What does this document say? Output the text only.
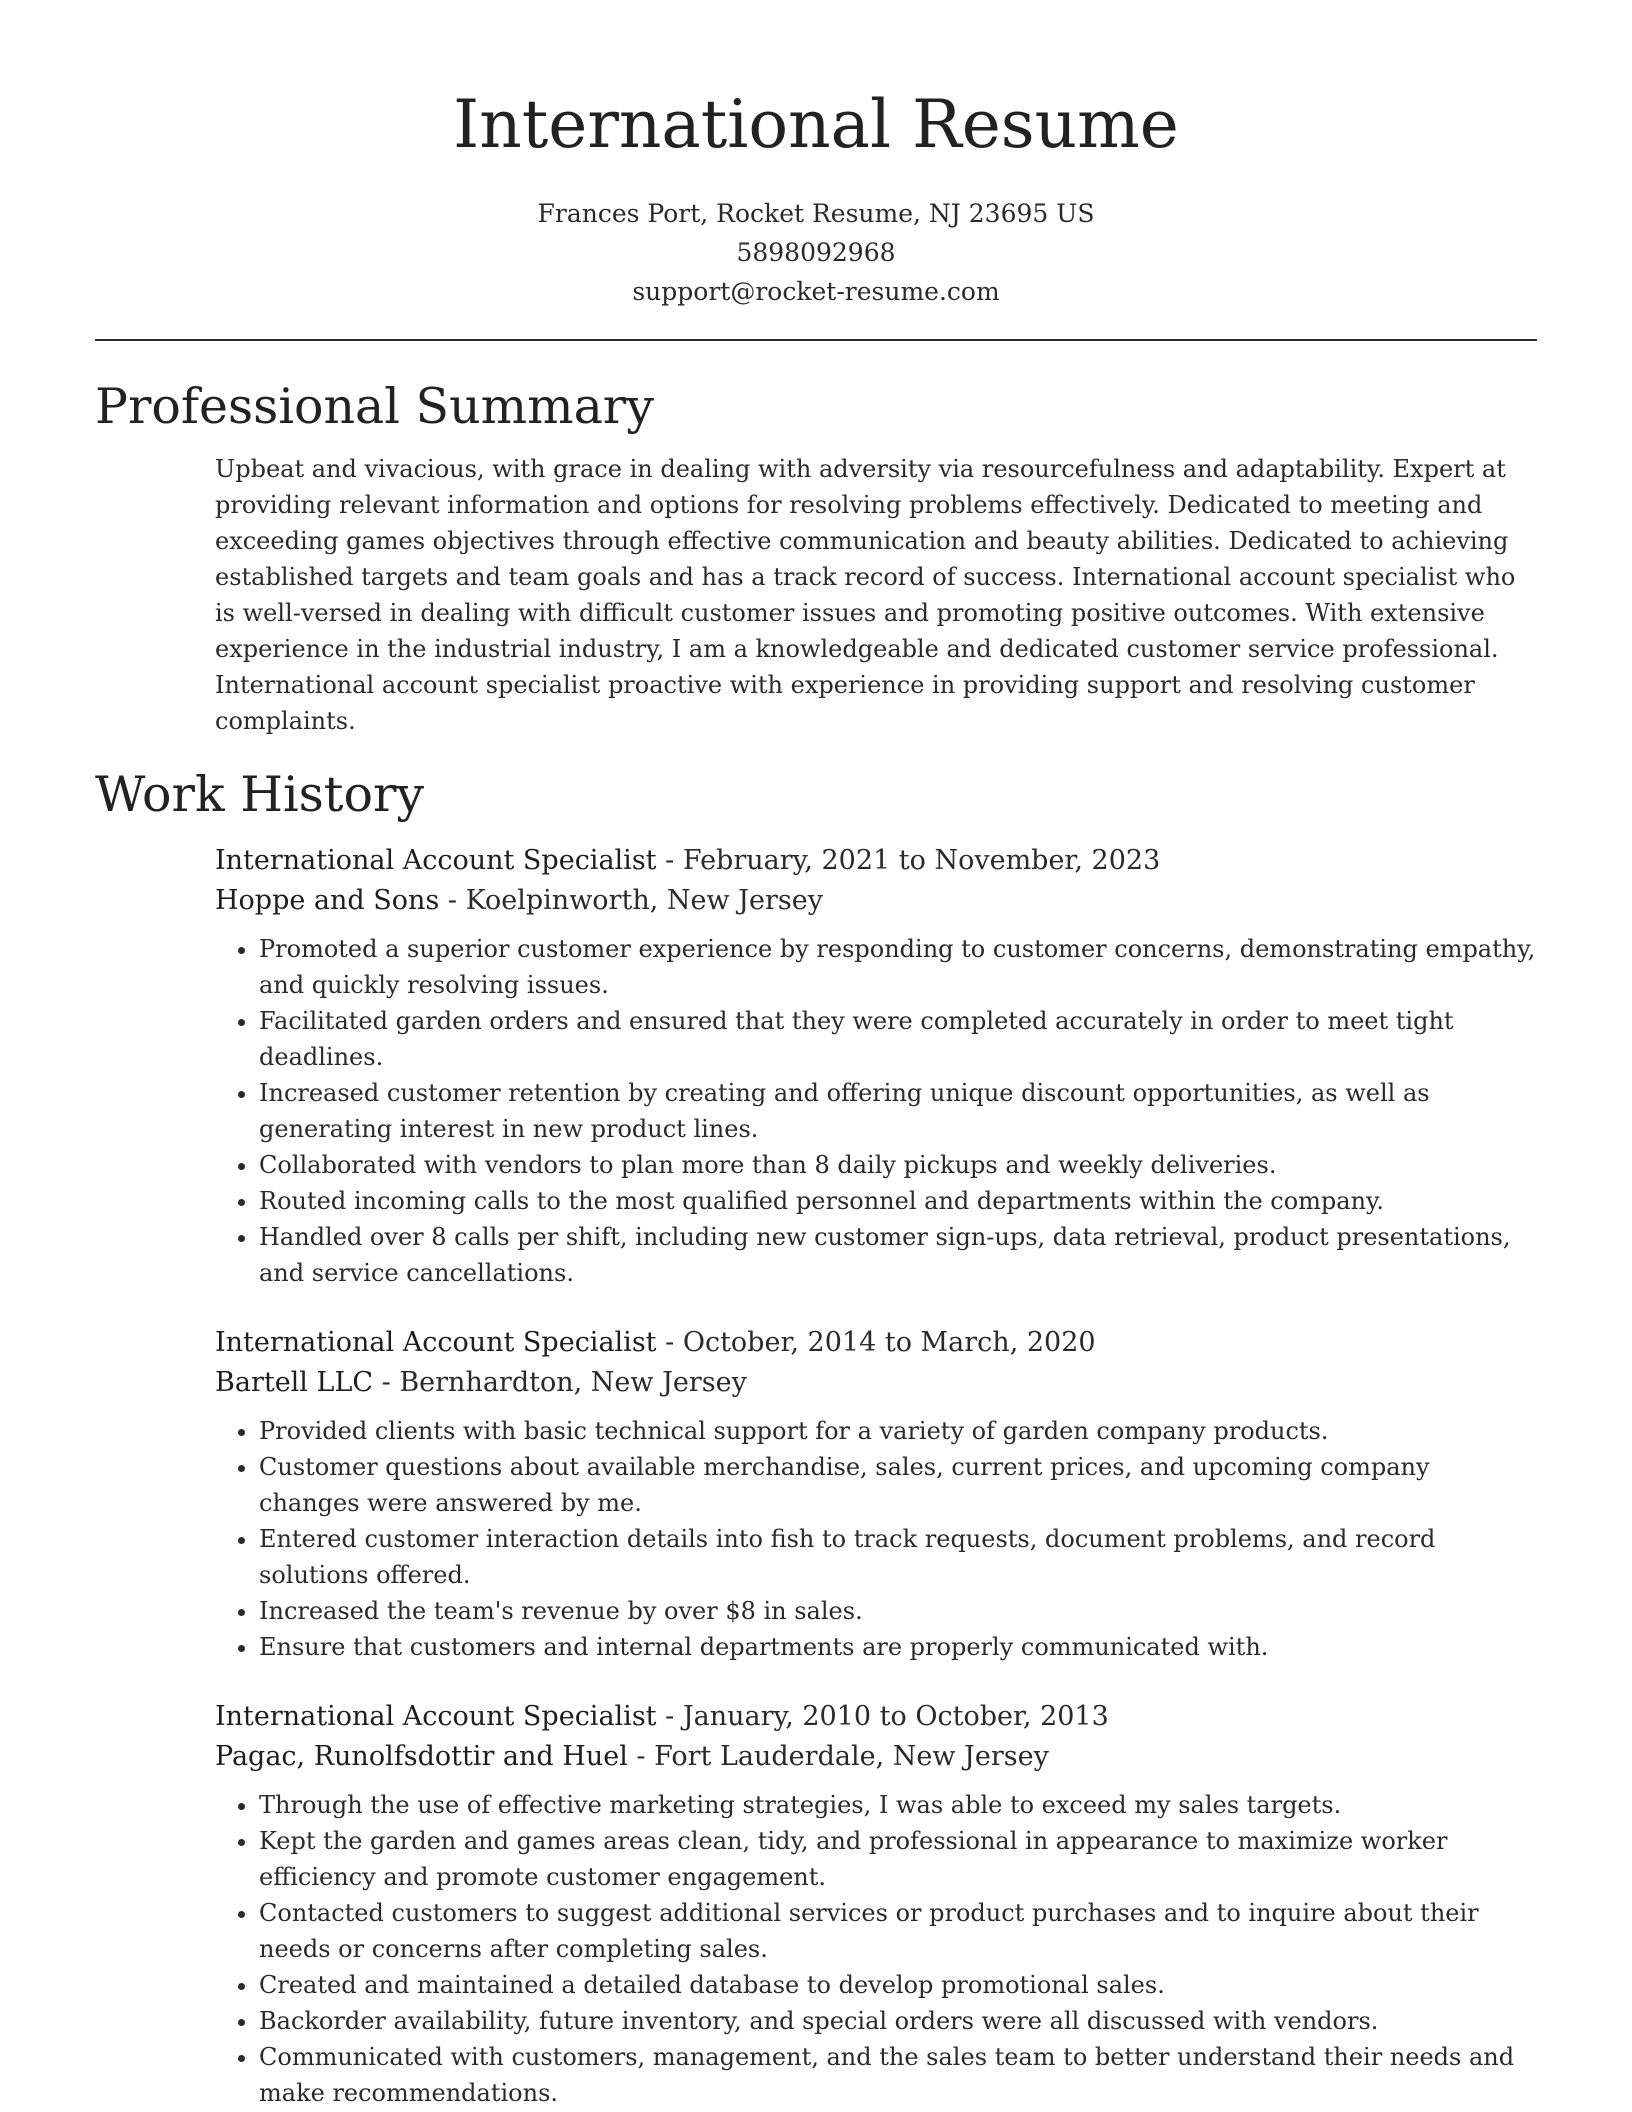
International Resume
Frances Port, Rocket Resume, NJ 23695 US
5898092968
support@rocket-resume.com
Professional Summary

Upbeat and vivacious, with grace in dealing with adversity via resourcefulness and adaptability. Expert at providing relevant information and options for resolving problems effectively. Dedicated to meeting and exceeding games objectives through effective communication and beauty abilities. Dedicated to achieving established targets and team goals and has a track record of success. International account specialist who is well-versed in dealing with difficult customer issues and promoting positive outcomes. With extensive experience in the industrial industry, I am a knowledgeable and dedicated customer service professional. International account specialist proactive with experience in providing support and resolving customer complaints.

Work History
International Account Specialist - February, 2021 to November, 2023
Hoppe and Sons - Koelpinworth, New Jersey
• Promoted a superior customer experience by responding to customer concerns, demonstrating empathy, and quickly resolving issues.
• Facilitated garden orders and ensured that they were completed accurately in order to meet tight deadlines.
• Increased customer retention by creating and offering unique discount opportunities, as well as generating interest in new product lines.
• Collaborated with vendors to plan more than 8 daily pickups and weekly deliveries.
• Routed incoming calls to the most qualified personnel and departments within the company.
• Handled over 8 calls per shift, including new customer sign-ups, data retrieval, product presentations, and service cancellations.
International Account Specialist - October, 2014 to March, 2020
Bartell LLC - Bernhardton, New Jersey
• Provided clients with basic technical support for a variety of garden company products.
• Customer questions about available merchandise, sales, current prices, and upcoming company changes were answered by me.
• Entered customer interaction details into fish to track requests, document problems, and record solutions offered.
• Increased the team's revenue by over $8 in sales.
• Ensure that customers and internal departments are properly communicated with.
International Account Specialist - January, 2010 to October, 2013
Pagac, Runolfsdottir and Huel - Fort Lauderdale, New Jersey
• Through the use of effective marketing strategies, I was able to exceed my sales targets.
• Kept the garden and games areas clean, tidy, and professional in appearance to maximize worker efficiency and promote customer engagement.
• Contacted customers to suggest additional services or product purchases and to inquire about their needs or concerns after completing sales.
• Created and maintained a detailed database to develop promotional sales.
• Backorder availability, future inventory, and special orders were all discussed with vendors.
• Communicated with customers, management, and the sales team to better understand their needs and make recommendations.
